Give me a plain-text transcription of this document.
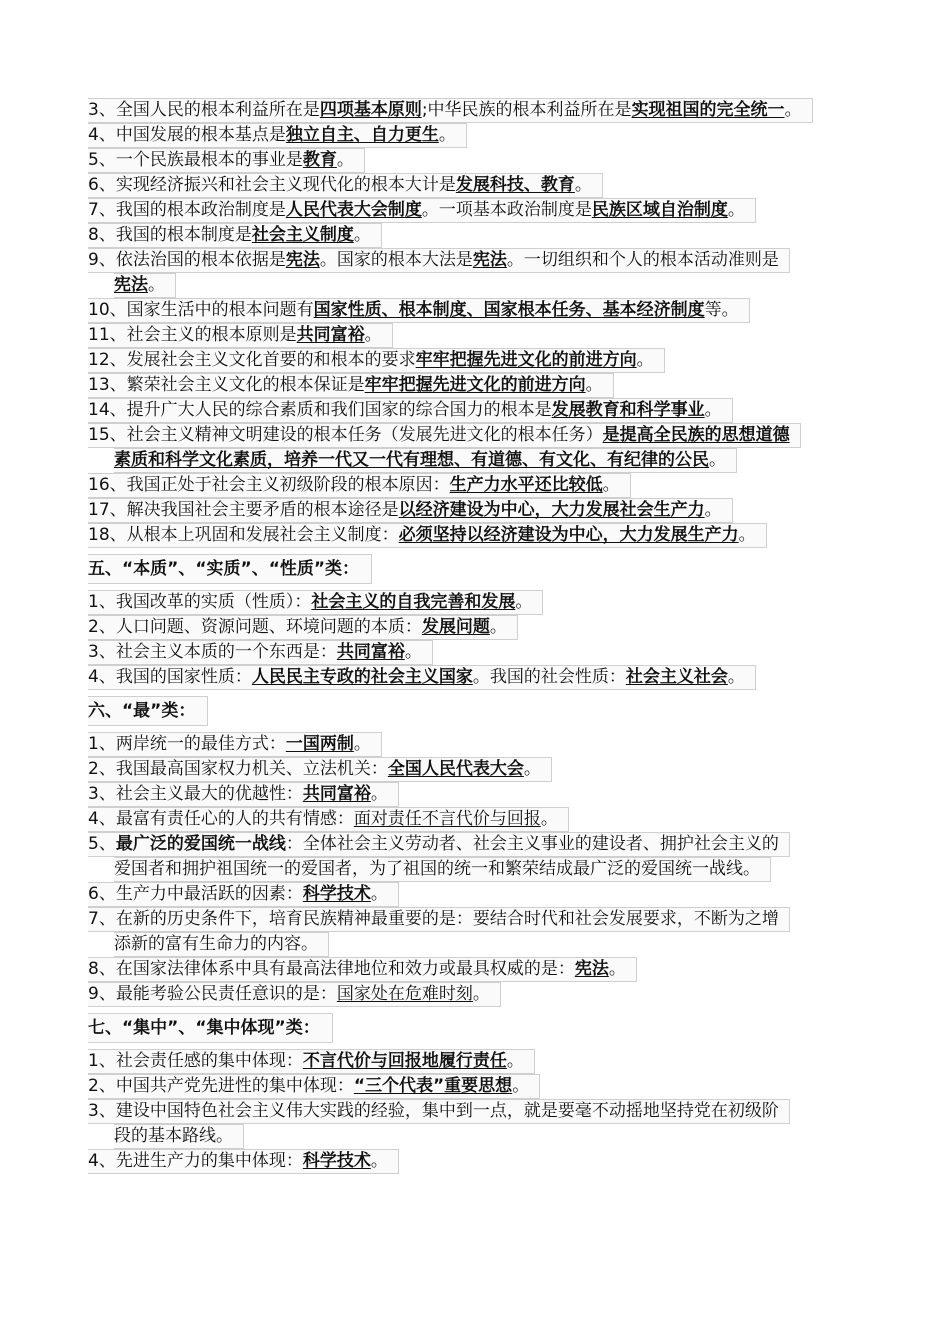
3、全国人民的根本利益所在是四项基本原则;中华民族的根本利益所在是实现祖国的完全统一。
4、中国发展的根本基点是独立自主、自力更生。
5、一个民族最根本的事业是教育。
6、实现经济振兴和社会主义现代化的根本大计是发展科技、教育。
7、我国的根本政治制度是人民代表大会制度。一项基本政治制度是民族区域自治制度。
8、我国的根本制度是社会主义制度。
9、依法治国的根本依据是宪法。国家的根本大法是宪法。一切组织和个人的根本活动准则是
宪法。
10、国家生活中的根本问题有国家性质、根本制度、国家根本任务、基本经济制度等。
11、社会主义的根本原则是共同富裕。
12、发展社会主义文化首要的和根本的要求牢牢把握先进文化的前进方向。
13、繁荣社会主义文化的根本保证是牢牢把握先进文化的前进方向。
14、提升广大人民的综合素质和我们国家的综合国力的根本是发展教育和科学事业。
15、社会主义精神文明建设的根本任务（发展先进文化的根本任务）是提高全民族的思想道德
素质和科学文化素质，培养一代又一代有理想、有道德、有文化、有纪律的公民。
16、我国正处于社会主义初级阶段的根本原因：生产力水平还比较低。
17、解决我国社会主要矛盾的根本途径是以经济建设为中心，大力发展社会生产力。
18、从根本上巩固和发展社会主义制度：必须坚持以经济建设为中心，大力发展生产力。
五、“本质”、“实质”、“性质”类：
1、我国改革的实质（性质）：社会主义的自我完善和发展。
2、人口问题、资源问题、环境问题的本质：发展问题。
3、社会主义本质的一个东西是：共同富裕。
4、我国的国家性质：人民民主专政的社会主义国家。我国的社会性质：社会主义社会。
六、“最”类：
1、两岸统一的最佳方式：一国两制。
2、我国最高国家权力机关、立法机关：全国人民代表大会。
3、社会主义最大的优越性：共同富裕。
4、最富有责任心的人的共有情感：面对责任不言代价与回报。
5、最广泛的爱国统一战线：全体社会主义劳动者、社会主义事业的建设者、拥护社会主义的
爱国者和拥护祖国统一的爱国者，为了祖国的统一和繁荣结成最广泛的爱国统一战线。
6、生产力中最活跃的因素：科学技术。
7、在新的历史条件下，培育民族精神最重要的是：要结合时代和社会发展要求，不断为之增
添新的富有生命力的内容。
8、在国家法律体系中具有最高法律地位和效力或最具权威的是：宪法。
9、最能考验公民责任意识的是：国家处在危难时刻。
七、“集中”、“集中体现”类：
1、社会责任感的集中体现：不言代价与回报地履行责任。
2、中国共产党先进性的集中体现：“三个代表”重要思想。
3、建设中国特色社会主义伟大实践的经验，集中到一点，就是要毫不动摇地坚持党在初级阶
段的基本路线。
4、先进生产力的集中体现：科学技术。
